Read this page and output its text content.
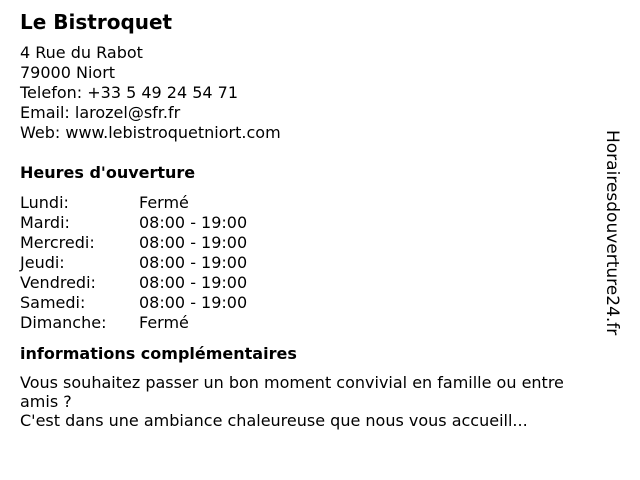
Le Bistroquet
4 Rue du Rabot
79000 Niort
Telefon: +33 5 49 24 54 71
Email: larozel@sfr.fr
Web: www.lebistroquetniort.com
Heures d'ouverture
Lundi:	Fermé
Mardi:	08:00 - 19:00
Mercredi:	08:00 - 19:00
Jeudi:	08:00 - 19:00
Vendredi:	08:00 - 19:00
Samedi:	08:00 - 19:00
Dimanche:	Fermé
informations complémentaires
Vous souhaitez passer un bon moment convivial en famille ou entre amis ?
C'est dans une ambiance chaleureuse que nous vous accueill...
Horairesdouverture24.fr
